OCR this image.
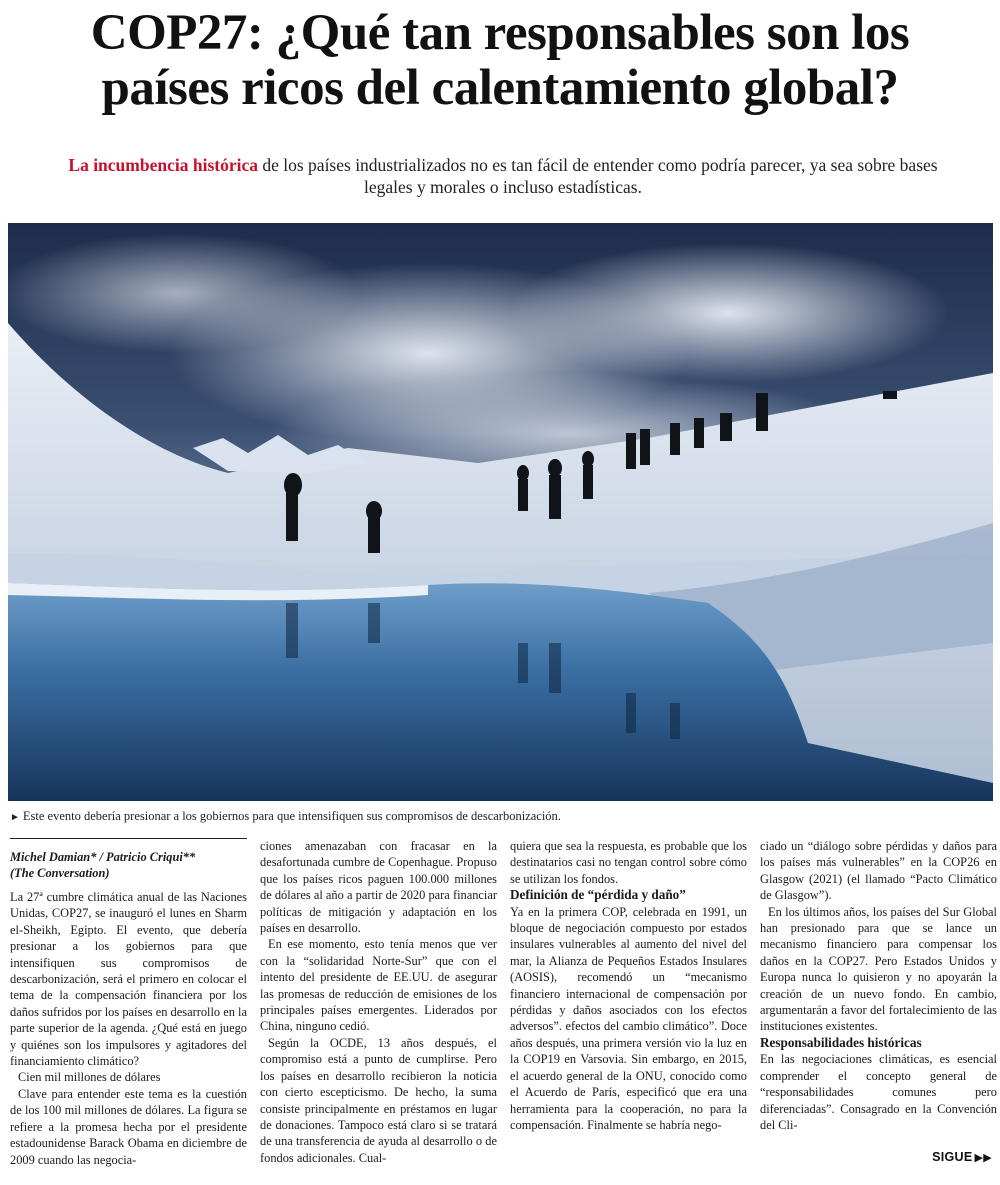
COP27: ¿Qué tan responsables son los
países ricos del calentamiento global?
La incumbencia histórica de los países industrializados no es tan fácil de entender como podría parecer, ya sea sobre bases legales y morales o incluso estadísticas.
► Este evento debería presionar a los gobiernos para que intensifiquen sus compromisos de descarbonización.
Michel Damian* / Patricio Criqui**
(The Conversation)

La 27ª cumbre climática anual de las Naciones Unidas, COP27, se inauguró el lunes en Sharm el-Sheikh, Egipto. El evento, que debería presionar a los gobiernos para que intensifiquen sus compromisos de descarbonización, será el primero en colocar el tema de la compensación financiera por los daños sufridos por los países en desarrollo en la parte superior de la agenda. ¿Qué está en juego y quiénes son los impulsores y agitadores del financiamiento climático?

Cien mil millones de dólares

Clave para entender este tema es la cuestión de los 100 mil millones de dólares. La figura se refiere a la promesa hecha por el presidente estadounidense Barack Obama en diciembre de 2009 cuando las negocia-

ciones amenazaban con fracasar en la desafortunada cumbre de Copenhague. Propuso que los países ricos paguen 100.000 millones de dólares al año a partir de 2020 para financiar políticas de mitigación y adaptación en los países en desarrollo.

En ese momento, esto tenía menos que ver con la “solidaridad Norte-Sur” que con el intento del presidente de EE.UU. de asegurar las promesas de reducción de emisiones de los principales países emergentes. Liderados por China, ninguno cedió.

Según la OCDE, 13 años después, el compromiso está a punto de cumplirse. Pero los países en desarrollo recibieron la noticia con cierto escepticismo. De hecho, la suma consiste principalmente en préstamos en lugar de donaciones. Tampoco está claro si se tratará de una transferencia de ayuda al desarrollo o de fondos adicionales. Cual-

quiera que sea la respuesta, es probable que los destinatarios casi no tengan control sobre cómo se utilizan los fondos.

Definición de “pérdida y daño”

Ya en la primera COP, celebrada en 1991, un bloque de negociación compuesto por estados insulares vulnerables al aumento del nivel del mar, la Alianza de Pequeños Estados Insulares (AOSIS), recomendó un “mecanismo financiero internacional de compensación por pérdidas y daños asociados con los efectos adversos”. efectos del cambio climático”. Doce años después, una primera versión vio la luz en la COP19 en Varsovia. Sin embargo, en 2015, el acuerdo general de la ONU, conocido como el Acuerdo de París, especificó que era una herramienta para la cooperación, no para la compensación. Finalmente se habría nego-

ciado un “diálogo sobre pérdidas y daños para los países más vulnerables” en la COP26 en Glasgow (2021) (el llamado “Pacto Climático de Glasgow”).

En los últimos años, los países del Sur Global han presionado para que se lance un mecanismo financiero para compensar los daños en la COP27. Pero Estados Unidos y Europa nunca lo quisieron y no apoyarán la creación de un nuevo fondo. En cambio, argumentarán a favor del fortalecimiento de las instituciones existentes.

Responsabilidades históricas

En las negociaciones climáticas, es esencial comprender el concepto general de “responsabilidades comunes pero diferenciadas”. Consagrado en la Convención del Cli-

SIGUE ▶▶
